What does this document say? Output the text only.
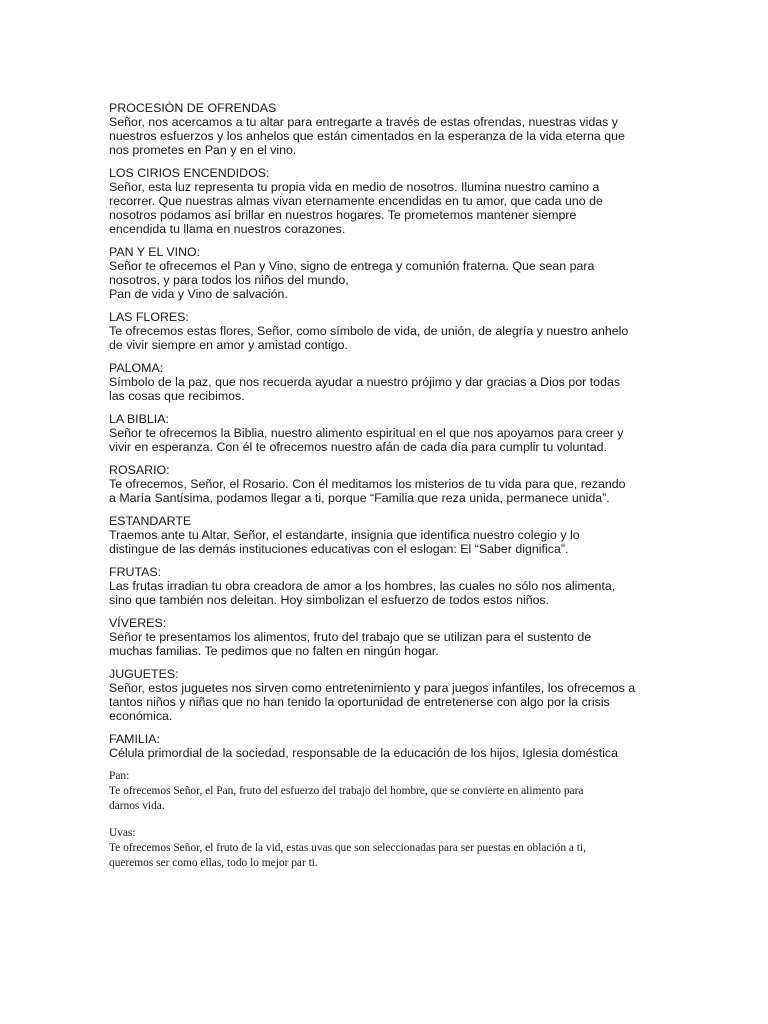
PROCESIÒN DE OFRENDAS
Señor, nos acercamos a tu altar para entregarte a través de estas ofrendas, nuestras vidas y
nuestros esfuerzos y los anhelos que están cimentados en la esperanza de la vida eterna que
nos prometes en Pan y en el vino.
LOS CIRIOS ENCENDIDOS:
Señor, esta luz representa tu propia vida en medio de nosotros. Ilumina nuestro camino a
recorrer. Que nuestras almas vivan eternamente encendidas en tu amor, que cada uno de
nosotros podamos así brillar en nuestros hogares. Te prometemos mantener siempre
encendida tu llama en nuestros corazones.
PAN Y EL VINO:
Señor te ofrecemos el Pan y Vino, signo de entrega y comunión fraterna. Que sean para
nosotros, y para todos los niños del mundo,
Pan de vida y Vino de salvación.
LAS FLORES:
Te ofrecemos estas flores, Señor, como símbolo de vida, de unión, de alegría y nuestro anhelo
de vivir siempre en amor y amistad contigo.
PALOMA:
Símbolo de la paz, que nos recuerda ayudar a nuestro prójimo y dar gracias a Dios por todas
las cosas que recibimos.
LA BIBLIA:
Señor te ofrecemos la Biblia, nuestro alimento espiritual en el que nos apoyamos para creer y
vivir en esperanza. Con él te ofrecemos nuestro afán de cada día para cumplir tu voluntad.
ROSARIO:
Te ofrecemos, Señor, el Rosario. Con él meditamos los misterios de tu vida para que, rezando
a María Santísima, podamos llegar a ti, porque “Familia que reza unida, permanece unida”.
ESTANDARTE
Traemos ante tu Altar, Señor, el estandarte, insignia que identifica nuestro colegio y lo
distingue de las demás instituciones educativas con el eslogan: El “Saber dignifica”.
FRUTAS:
Las frutas irradian tu obra creadora de amor a los hombres, las cuales no sólo nos alimenta,
sino que también nos deleitan. Hoy simbolizan el esfuerzo de todos estos niños.
VÍVERES:
Señor te presentamos los alimentos, fruto del trabajo que se utilizan para el sustento de
muchas familias. Te pedimos que no falten en ningún hogar.
JUGUETES:
Señor, estos juguetes nos sirven como entretenimiento y para juegos infantiles, los ofrecemos a
tantos niños y niñas que no han tenido la oportunidad de entretenerse con algo por la crisis
económica.
FAMILIA:
Célula primordial de la sociedad, responsable de la educación de los hijos, Iglesia doméstica
Pan:
Te ofrecemos Señor, el Pan, fruto del esfuerzo del trabajo del hombre, que se convierte en alimento para
darnos vida.
Uvas:
Te ofrecemos Señor, el fruto de la vid, estas uvas que son seleccionadas para ser puestas en oblación a ti,
queremos ser como ellas, todo lo mejor par ti.
